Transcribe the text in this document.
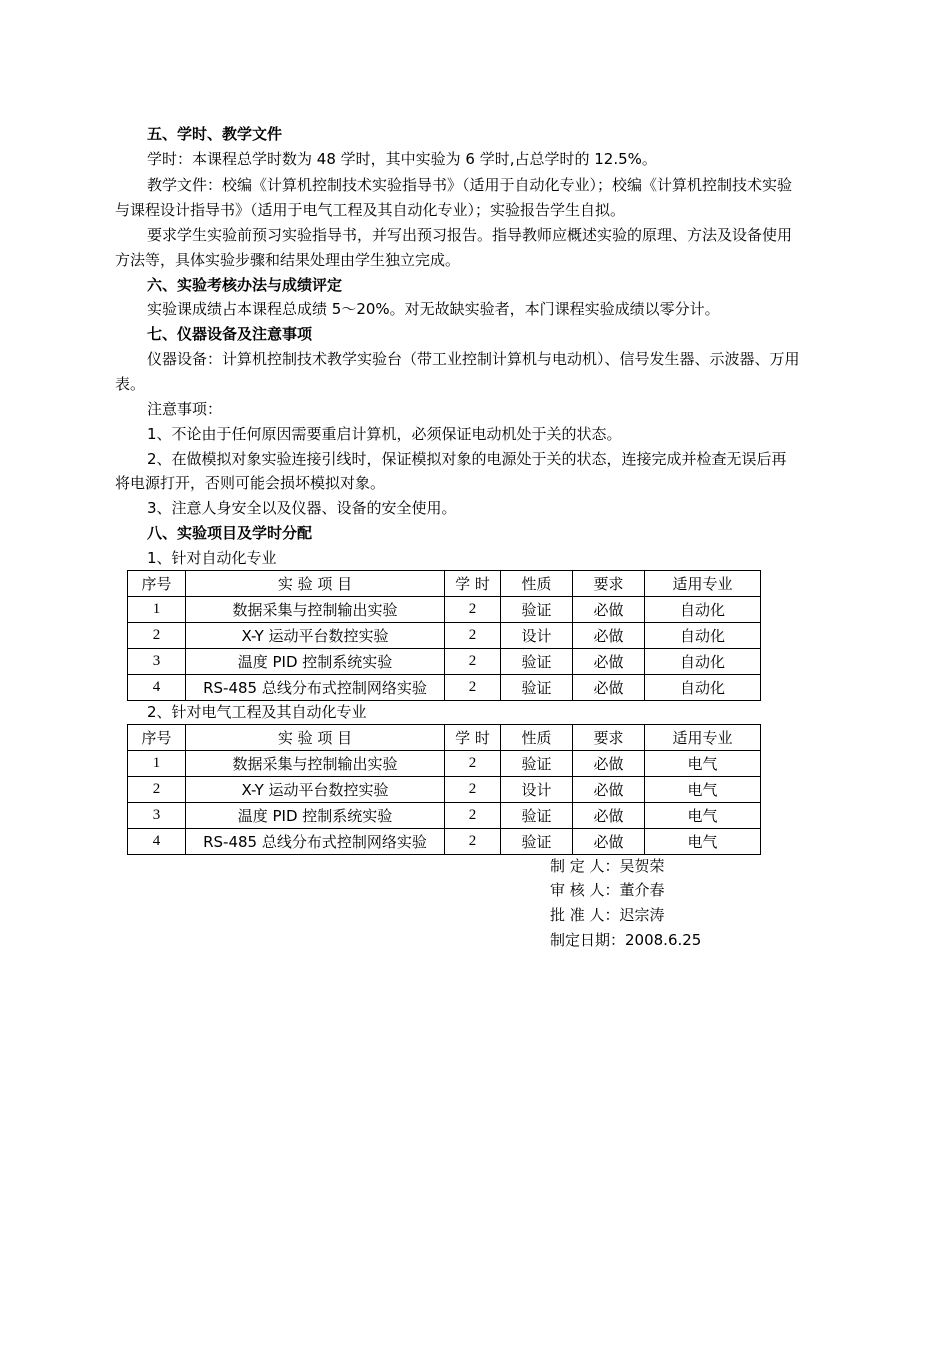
五、学时、教学文件
学时：本课程总学时数为 48 学时，其中实验为 6 学时,占总学时的 12.5%。
教学文件：校编《计算机控制技术实验指导书》（适用于自动化专业）；校编《计算机控制技术实验
与课程设计指导书》（适用于电气工程及其自动化专业）；实验报告学生自拟。
要求学生实验前预习实验指导书，并写出预习报告。指导教师应概述实验的原理、方法及设备使用
方法等，具体实验步骤和结果处理由学生独立完成。
六、实验考核办法与成绩评定
实验课成绩占本课程总成绩 5～20%。对无故缺实验者，本门课程实验成绩以零分计。
七、仪器设备及注意事项
仪器设备：计算机控制技术教学实验台（带工业控制计算机与电动机）、信号发生器、示波器、万用
表。
注意事项：
1、不论由于任何原因需要重启计算机，必须保证电动机处于关的状态。
2、在做模拟对象实验连接引线时，保证模拟对象的电源处于关的状态，连接完成并检查无误后再
将电源打开，否则可能会损坏模拟对象。
3、注意人身安全以及仪器、设备的安全使用。
八、实验项目及学时分配
1、针对自动化专业
序号	实 验 项 目	学 时	性质	要求	适用专业
1	数据采集与控制输出实验	2	验证	必做	自动化
2	X-Y 运动平台数控实验	2	设计	必做	自动化
3	温度 PID 控制系统实验	2	验证	必做	自动化
4	RS-485 总线分布式控制网络实验	2	验证	必做	自动化
2、针对电气工程及其自动化专业
序号	实 验 项 目	学 时	性质	要求	适用专业
1	数据采集与控制输出实验	2	验证	必做	电气
2	X-Y 运动平台数控实验	2	设计	必做	电气
3	温度 PID 控制系统实验	2	验证	必做	电气
4	RS-485 总线分布式控制网络实验	2	验证	必做	电气
制 定 人：吴贺荣
审 核 人：董介春
批 准 人：迟宗涛
制定日期：2008.6.25
